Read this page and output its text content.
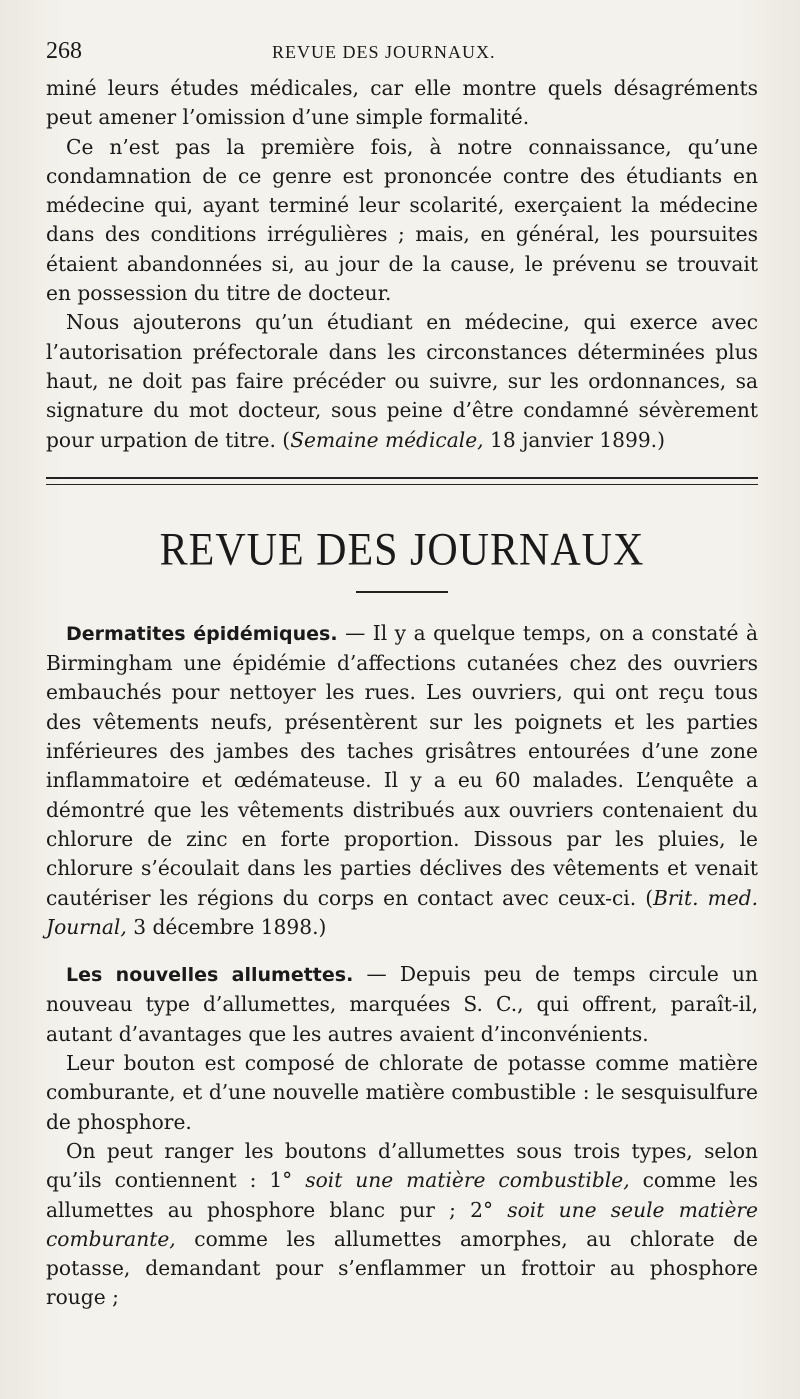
268	REVUE DES JOURNAUX.

miné leurs études médicales, car elle montre quels désagréments peut amener l’omission d’une simple formalité.

Ce n’est pas la première fois, à notre connaissance, qu’une condamnation de ce genre est prononcée contre des étudiants en médecine qui, ayant terminé leur scolarité, exerçaient la médecine dans des conditions irrégulières ; mais, en général, les poursuites étaient abandonnées si, au jour de la cause, le prévenu se trouvait en possession du titre de docteur.

Nous ajouterons qu’un étudiant en médecine, qui exerce avec l’autorisation préfectorale dans les circonstances déterminées plus haut, ne doit pas faire précéder ou suivre, sur les ordonnances, sa signature du mot docteur, sous peine d’être condamné sévèrement pour urpation de titre. (Semaine médicale, 18 janvier 1899.)

REVUE DES JOURNAUX

Dermatites épidémiques. — Il y a quelque temps, on a constaté à Birmingham une épidémie d’affections cutanées chez des ouvriers embauchés pour nettoyer les rues. Les ouvriers, qui ont reçu tous des vêtements neufs, présentèrent sur les poignets et les parties inférieures des jambes des taches grisâtres entourées d’une zone inflammatoire et œdémateuse. Il y a eu 60 malades. L’enquête a démontré que les vêtements distribués aux ouvriers contenaient du chlorure de zinc en forte proportion. Dissous par les pluies, le chlorure s’écoulait dans les parties déclives des vêtements et venait cautériser les régions du corps en contact avec ceux-ci. (Brit. med. Journal, 3 décembre 1898.)

Les nouvelles allumettes. — Depuis peu de temps circule un nouveau type d’allumettes, marquées S. C., qui offrent, paraît-il, autant d’avantages que les autres avaient d’inconvénients.

Leur bouton est composé de chlorate de potasse comme matière comburante, et d’une nouvelle matière combustible : le sesquisulfure de phosphore.

On peut ranger les boutons d’allumettes sous trois types, selon qu’ils contiennent : 1° soit une matière combustible, comme les allumettes au phosphore blanc pur ; 2° soit une seule matière comburante, comme les allumettes amorphes, au chlorate de potasse, demandant pour s’enflammer un frottoir au phosphore rouge ;
